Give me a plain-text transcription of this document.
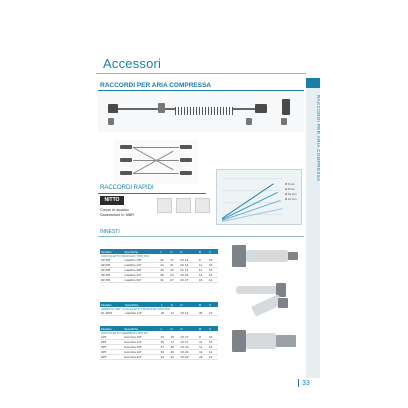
RACCORDI PER ARIA COMPRESSA
Accessori
RACCORDI PER ARIA COMPRESSA
Ø 6 mm
Ø 8 mm
Ø 10 mm
Ø 12 mm
RACCORDI RAPIDI
NITTO
Corpo in acciaio
Guarnizioni in NBR
INNESTI
Modello	Specifiche	L	G	D	B	C
CON FILETTO MASCHIO TIPO PM						
1P-PM	maschio 1/8"	22	17	Ch 14	8	10
2P-PM	maschio 1/4"	24	21	Ch 14	11	10
3P-PM	maschio 3/8"	26	22	Ch 17	11	10
4P-PM	maschio 1/2"	28	24	Ch 22	14	10
6P-PM	maschio 3/4"	31	27	Ch 27	16	10
Modello	Specifiche	L	G	D	B	C
INNESTO 360° CON FILETTO MASCHIO TIPO PM						
SL-2PM	maschio 1/4"	42	11	Ch 14	35	10
Modello	Specifiche	L	G	D	B	C
CON FILETTO FEMMINA TIPO PF						
1PF	femmina 1/8"	23	16	Ch 17	8	10
2PF	femmina 1/4"	25	17	Ch 17	11	10
3PF	femmina 3/8"	27	18	Ch 19	11	10
4PF	femmina 1/2"	30	20	Ch 24	14	10
6PF	femmina 3/4"	33	22	Ch 29	16	10
33
